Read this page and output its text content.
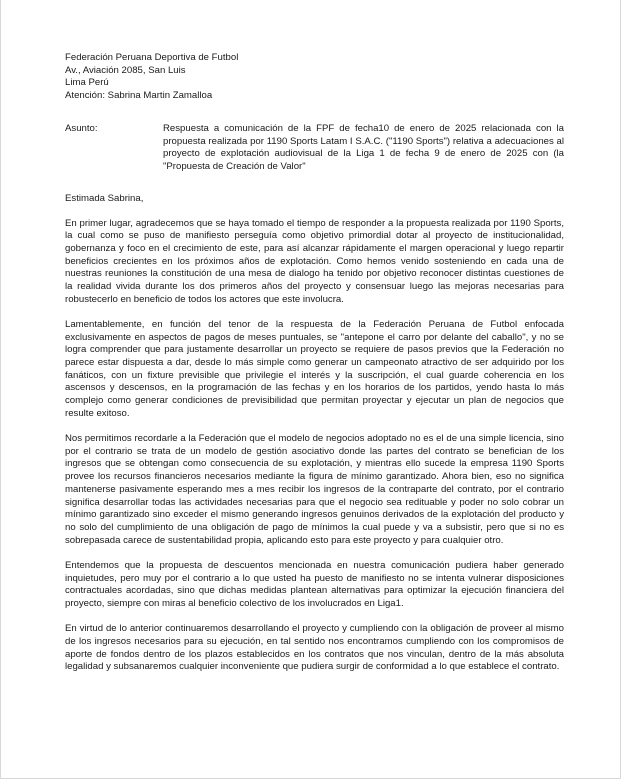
Federación Peruana Deportiva de Futbol
Av., Aviación 2085, San Luis
Lima Perú
Atención: Sabrina Martin Zamalloa
Asunto:	Respuesta a comunicación de la FPF de fecha10 de enero de 2025 relacionada con la propuesta realizada por 1190 Sports Latam I S.A.C. ("1190 Sports") relativa a adecuaciones al proyecto de explotación audiovisual de la Liga 1 de fecha 9 de enero de 2025 con (la "Propuesta de Creación de Valor"
Estimada Sabrina,

En primer lugar, agradecemos que se haya tomado el tiempo de responder a la propuesta realizada por 1190 Sports, la cual como se puso de manifiesto perseguía como objetivo primordial dotar al proyecto de institucionalidad, gobernanza y foco en el crecimiento de este, para así alcanzar rápidamente el margen operacional y luego repartir beneficios crecientes en los próximos años de explotación. Como hemos venido sosteniendo en cada una de nuestras reuniones la constitución de una mesa de dialogo ha tenido por objetivo reconocer distintas cuestiones de la realidad vivida durante los dos primeros años del proyecto y consensuar luego las mejoras necesarias para robustecerlo en beneficio de todos los actores que este involucra.

Lamentablemente, en función del tenor de la respuesta de la Federación Peruana de Futbol enfocada exclusivamente en aspectos de pagos de meses puntuales, se "antepone el carro por delante del caballo", y no se logra comprender que para justamente desarrollar un proyecto se requiere de pasos previos que la Federación no parece estar dispuesta a dar, desde lo más simple como generar un campeonato atractivo de ser adquirido por los fanáticos, con un fixture previsible que privilegie el interés y la suscripción, el cual guarde coherencia en los ascensos y descensos, en la programación de las fechas y en los horarios de los partidos, yendo hasta lo más complejo como generar condiciones de previsibilidad que permitan proyectar y ejecutar un plan de negocios que resulte exitoso.

Nos permitimos recordarle a la Federación que el modelo de negocios adoptado no es el de una simple licencia, sino por el contrario se trata de un modelo de gestión asociativo donde las partes del contrato se benefician de los ingresos que se obtengan como consecuencia de su explotación, y mientras ello sucede la empresa 1190 Sports provee los recursos financieros necesarios mediante la figura de mínimo garantizado. Ahora bien, eso no significa mantenerse pasivamente esperando mes a mes recibir los ingresos de la contraparte del contrato, por el contrario significa desarrollar todas las actividades necesarias para que el negocio sea redituable y poder no solo cobrar un mínimo garantizado sino exceder el mismo generando ingresos genuinos derivados de la explotación del producto y no solo del cumplimiento de una obligación de pago de mínimos la cual puede y va a subsistir, pero que si no es sobrepasada carece de sustentabilidad propia, aplicando esto para este proyecto y para cualquier otro.

Entendemos que la propuesta de descuentos mencionada en nuestra comunicación pudiera haber generado inquietudes, pero muy por el contrario a lo que usted ha puesto de manifiesto no se intenta vulnerar disposiciones contractuales acordadas, sino que dichas medidas plantean alternativas para optimizar la ejecución financiera del proyecto, siempre con miras al beneficio colectivo de los involucrados en Liga1.

En virtud de lo anterior continuaremos desarrollando el proyecto y cumpliendo con la obligación de proveer al mismo de los ingresos necesarios para su ejecución, en tal sentido nos encontramos cumpliendo con los compromisos de aporte de fondos dentro de los plazos establecidos en los contratos que nos vinculan, dentro de la más absoluta legalidad y subsanaremos cualquier inconveniente que pudiera surgir de conformidad a lo que establece el contrato.
